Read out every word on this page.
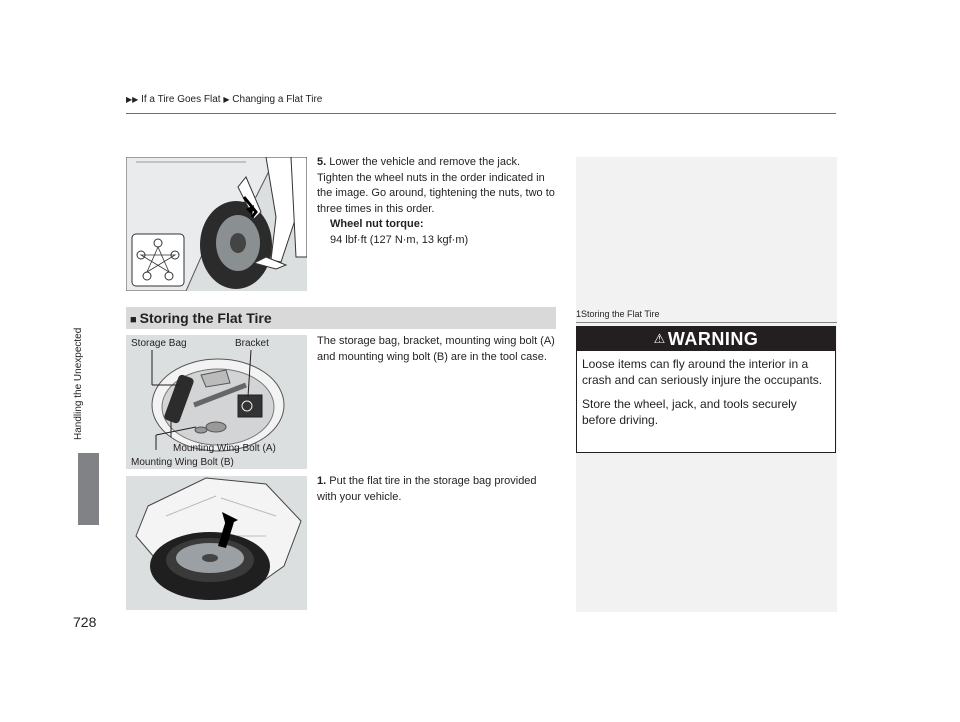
▶▶ If a Tire Goes Flat ▶ Changing a Flat Tire
Handling the Unexpected
728
5. Lower the vehicle and remove the jack. Tighten the wheel nuts in the order indicated in the image. Go around, tightening the nuts, two to three times in this order.
Wheel nut torque:
94 lbf·ft (127 N·m, 13 kgf·m)
■ Storing the Flat Tire
Storage Bag	Bracket
Mounting Wing Bolt (A)
Mounting Wing Bolt (B)
The storage bag, bracket, mounting wing bolt (A) and mounting wing bolt (B) are in the tool case.
1. Put the flat tire in the storage bag provided with your vehicle.
1Storing the Flat Tire
⚠ WARNING

Loose items can fly around the interior in a crash and can seriously injure the occupants.

Store the wheel, jack, and tools securely before driving.
